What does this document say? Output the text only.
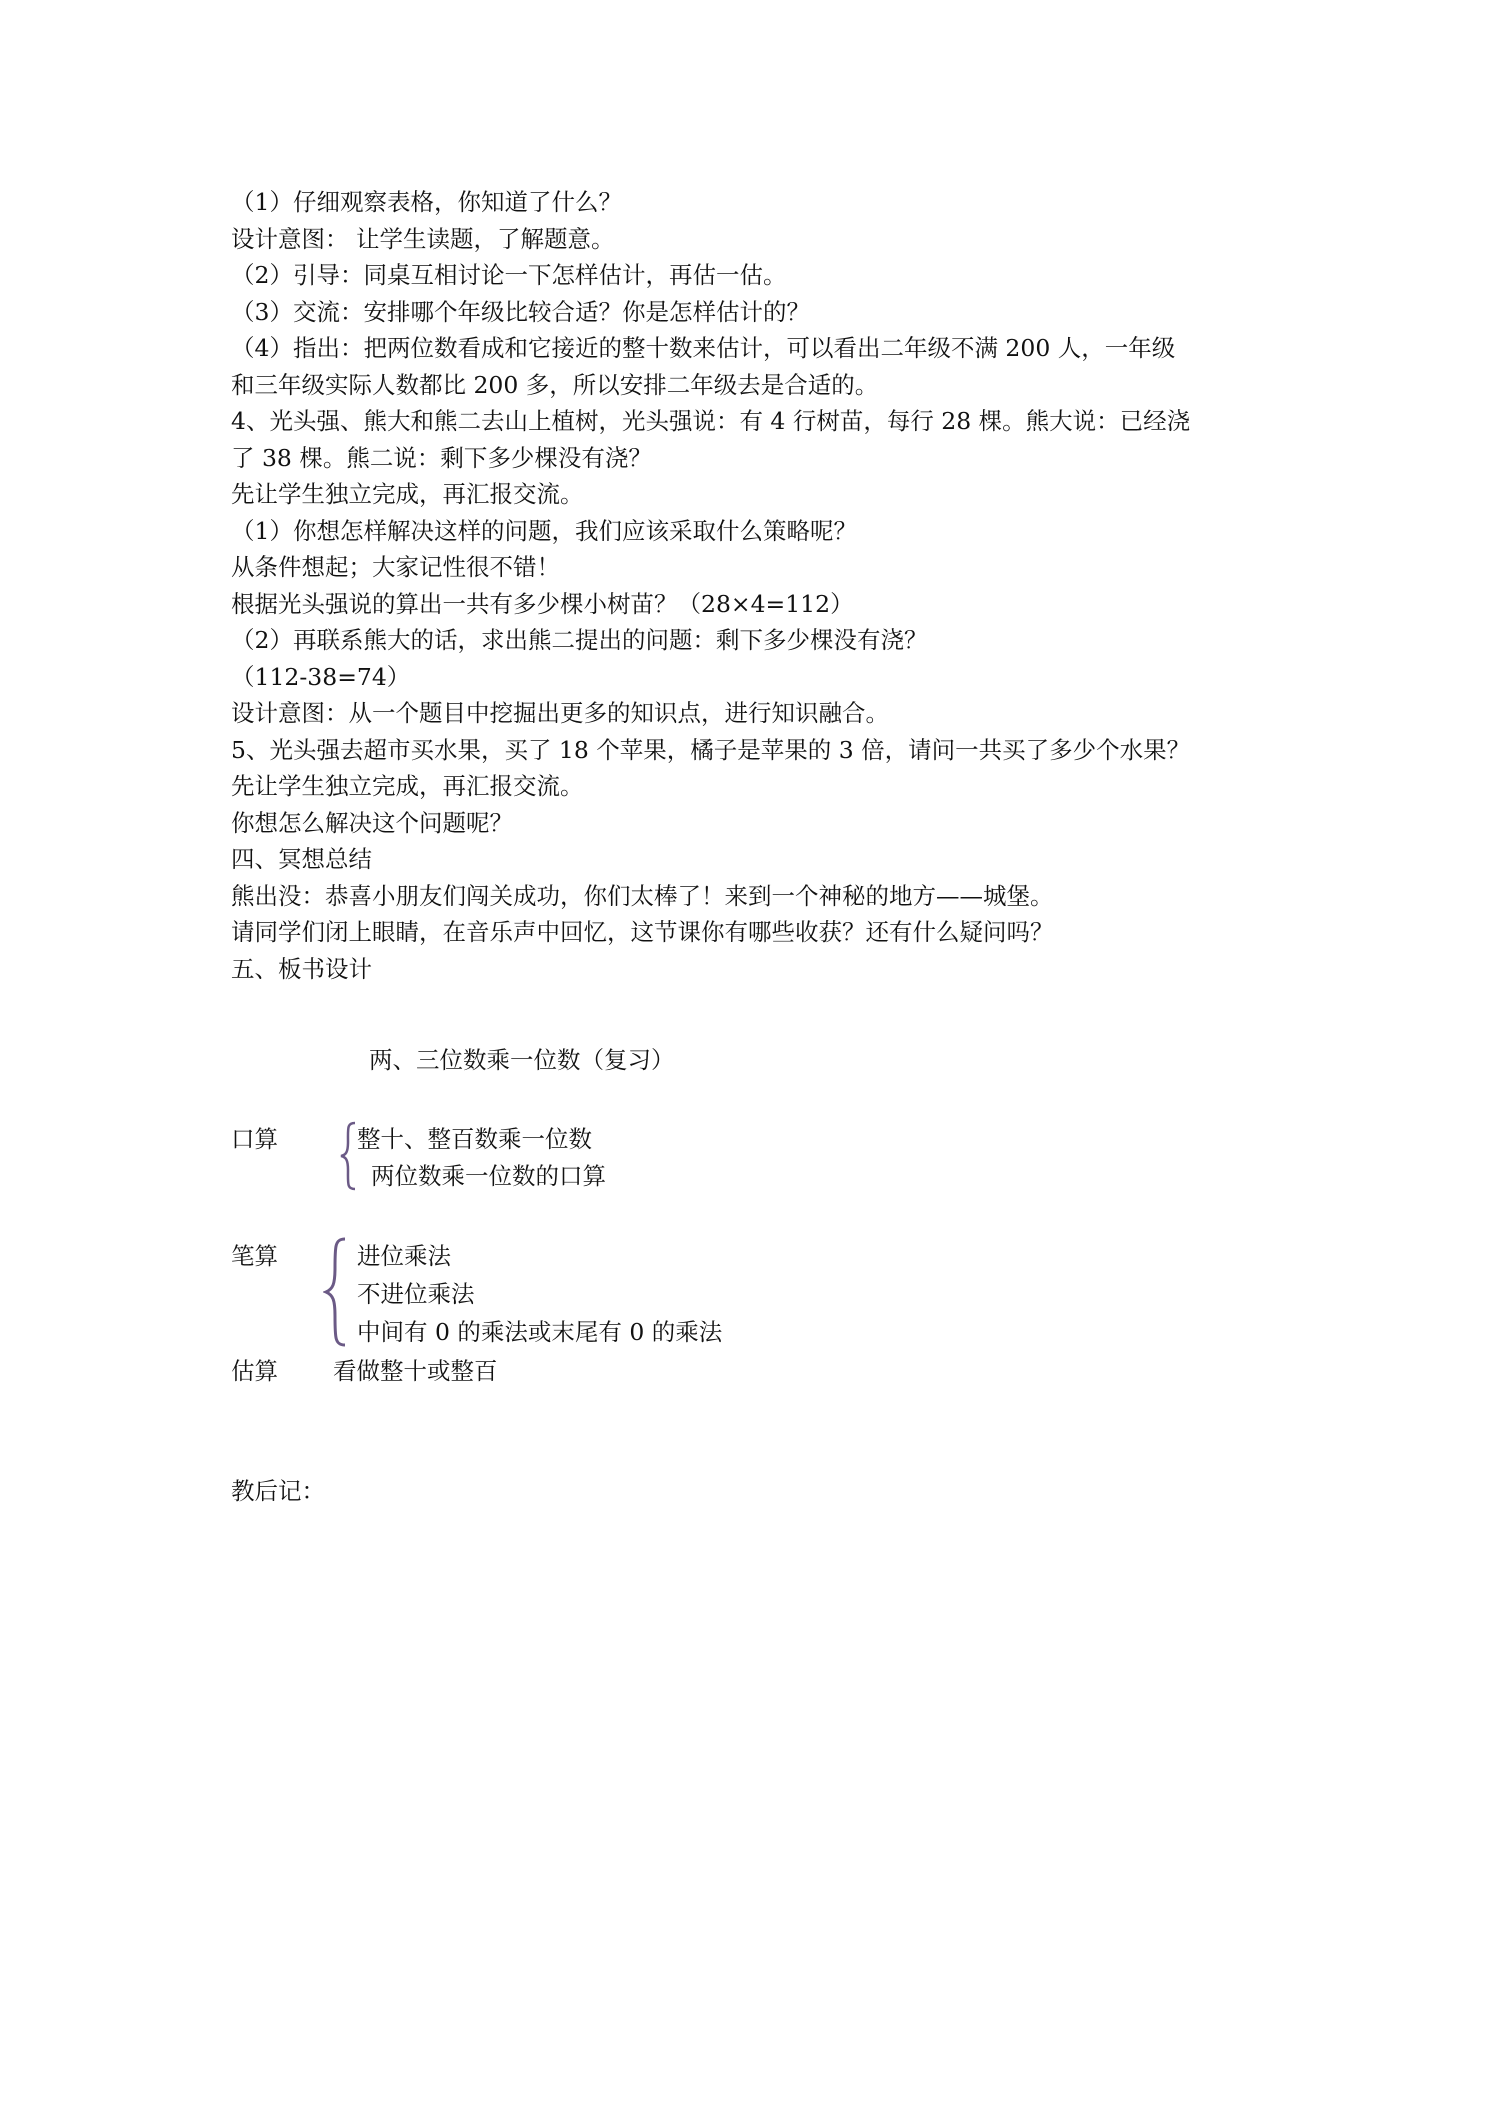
（1）仔细观察表格，你知道了什么？
设计意图： 让学生读题，了解题意。
（2）引导：同桌互相讨论一下怎样估计，再估一估。
（3）交流：安排哪个年级比较合适？你是怎样估计的？
（4）指出：把两位数看成和它接近的整十数来估计，可以看出二年级不满 200 人，一年级
和三年级实际人数都比 200 多，所以安排二年级去是合适的。
4、光头强、熊大和熊二去山上植树，光头强说：有 4 行树苗，每行 28 棵。熊大说：已经浇
了 38 棵。熊二说：剩下多少棵没有浇？
先让学生独立完成，再汇报交流。
（1）你想怎样解决这样的问题，我们应该采取什么策略呢？
从条件想起；大家记性很不错！
根据光头强说的算出一共有多少棵小树苗？（28×4=112）
（2）再联系熊大的话，求出熊二提出的问题：剩下多少棵没有浇？
（112-38=74）
设计意图：从一个题目中挖掘出更多的知识点，进行知识融合。
5、光头强去超市买水果，买了 18 个苹果，橘子是苹果的 3 倍，请问一共买了多少个水果？
先让学生独立完成，再汇报交流。
你想怎么解决这个问题呢？
四、冥想总结
熊出没：恭喜小朋友们闯关成功，你们太棒了！来到一个神秘的地方——城堡。
请同学们闭上眼睛，在音乐声中回忆，这节课你有哪些收获？还有什么疑问吗？
五、板书设计
两、三位数乘一位数（复习）
口算	整十、整百数乘一位数
两位数乘一位数的口算
笔算	进位乘法
不进位乘法
中间有 0 的乘法或末尾有 0 的乘法
估算 看做整十或整百
教后记：
